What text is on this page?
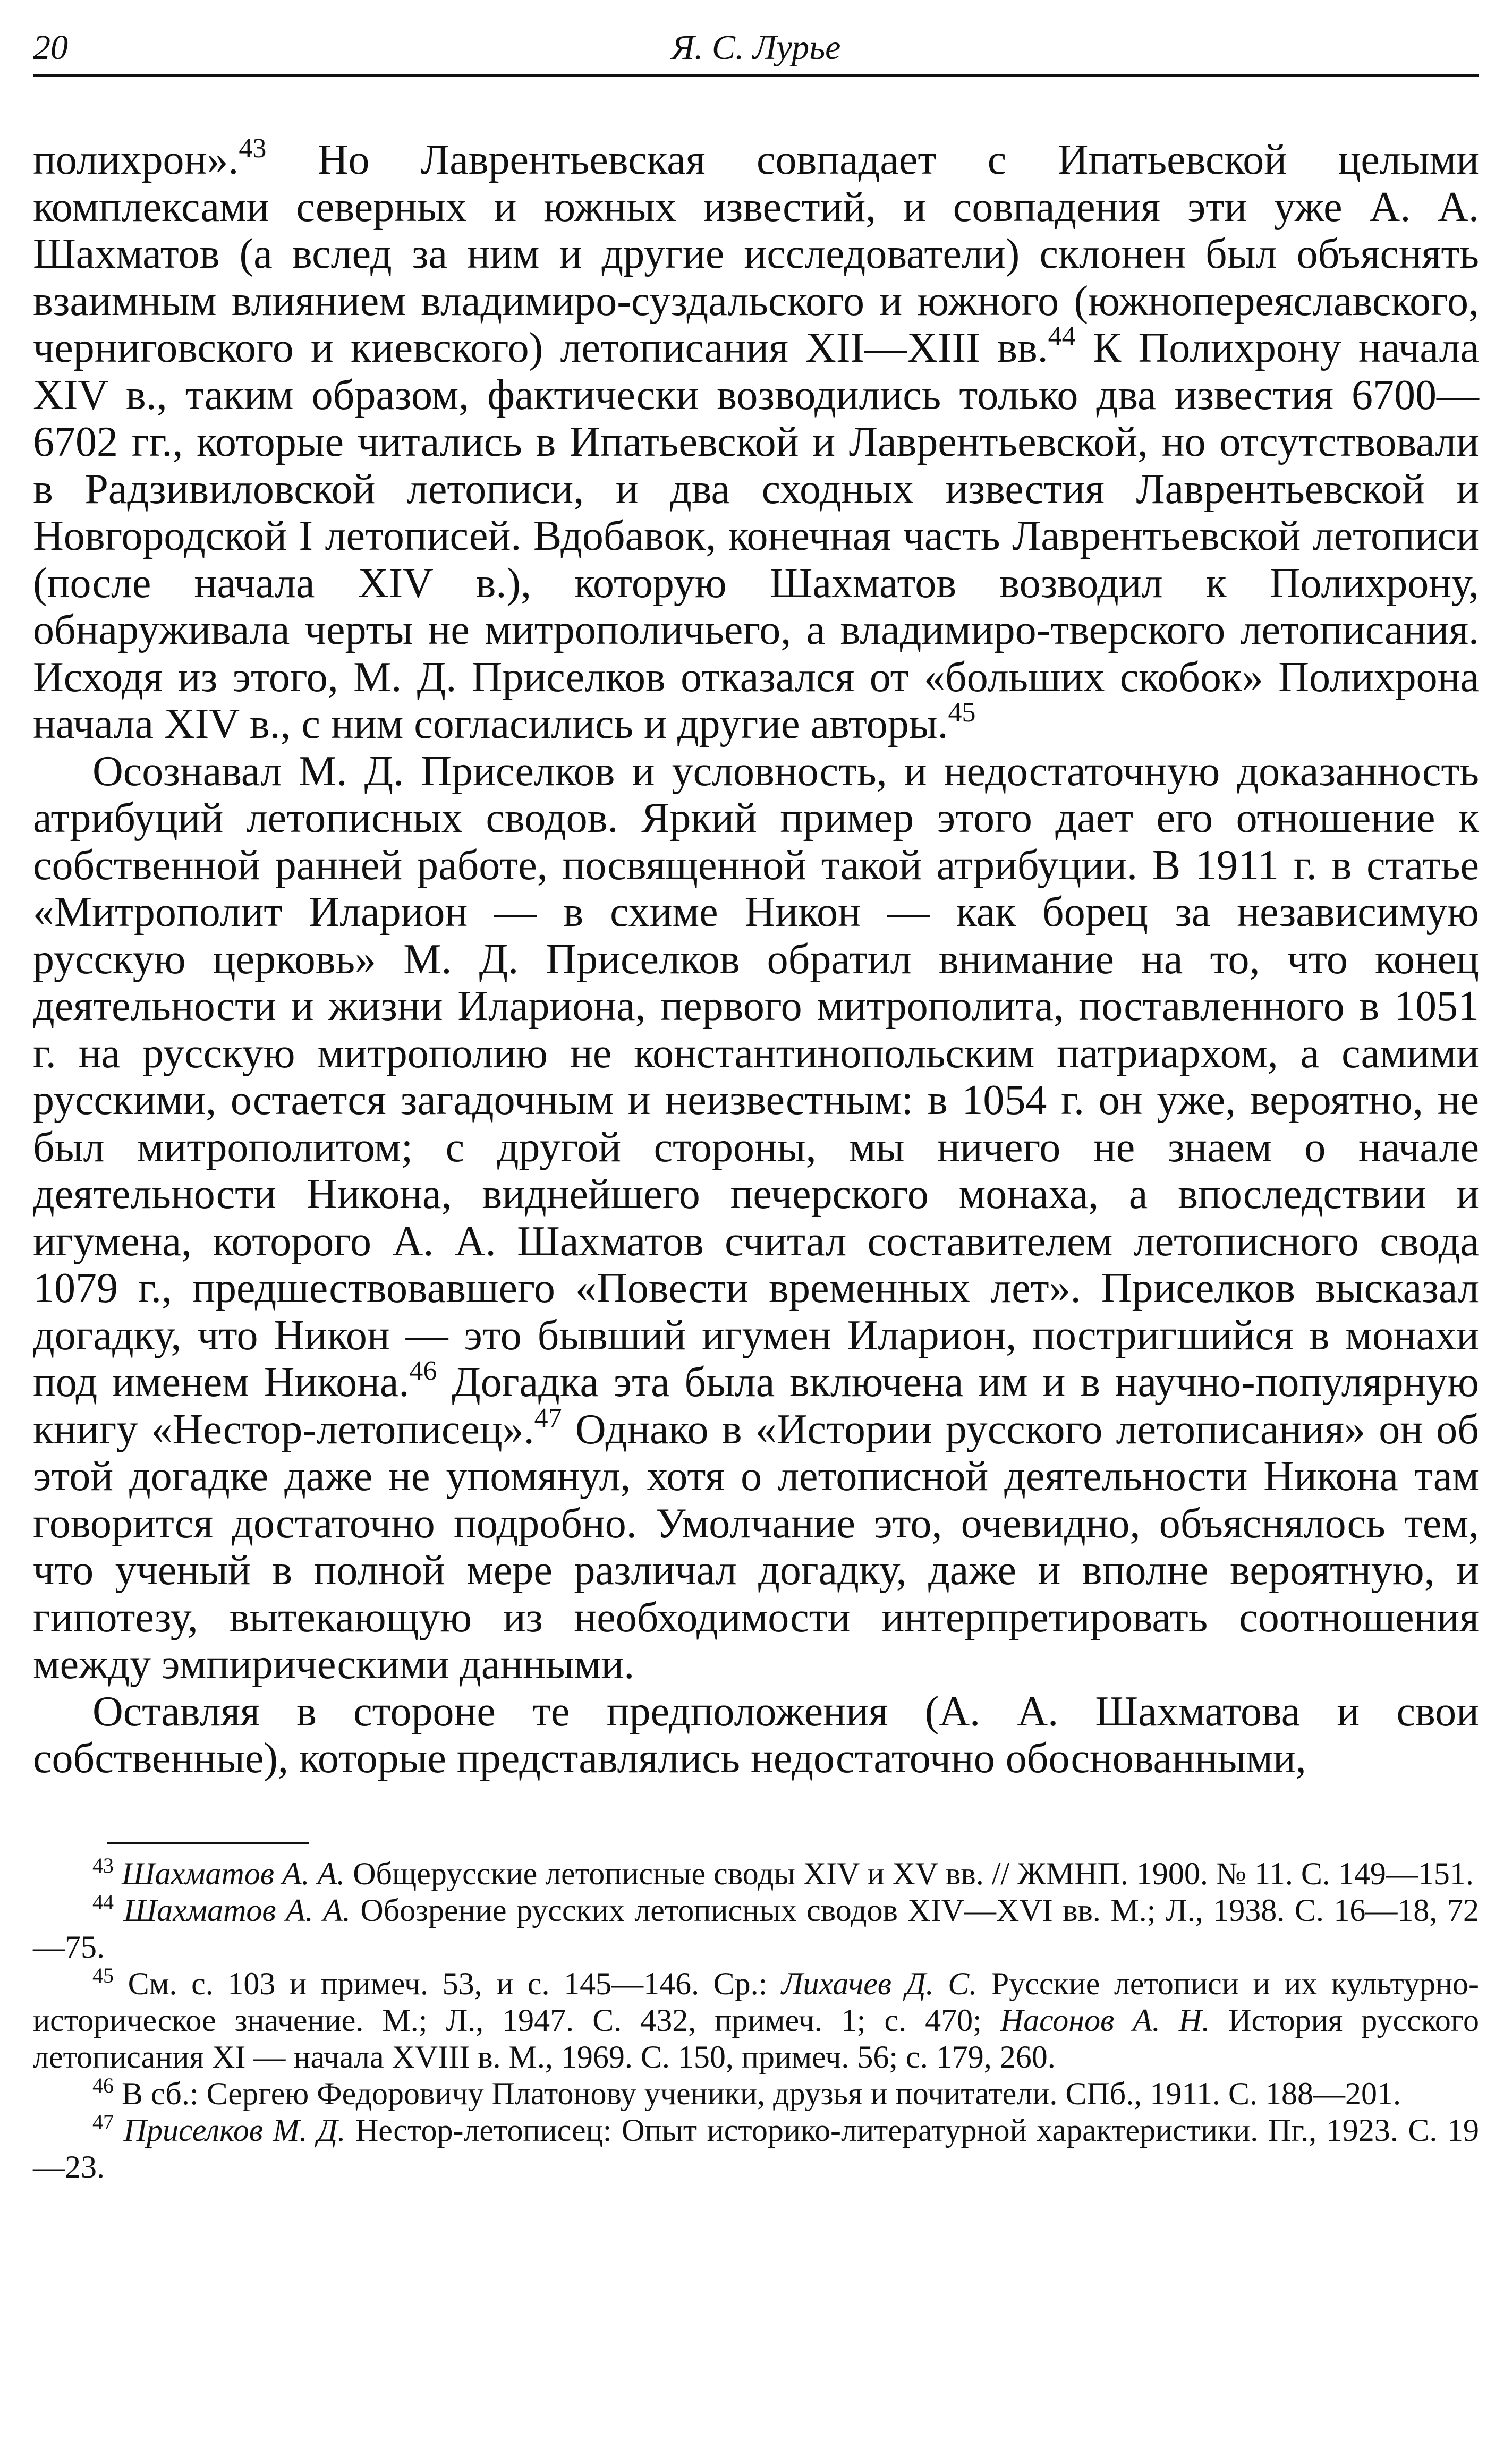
20	Я. С. Лурье

полихрон».$^{43}$ Но Лаврентьевская совпадает с Ипатьевской целыми комплексами северных и южных известий, и совпадения эти уже А. А. Шахматов (а вслед за ним и другие исследователи) склонен был объяснять взаимным влиянием владимиро-суздальского и южного (южнопереяславского, черниговского и киевского) летописания XII—XIII вв.$^{44}$ К Полихрону начала XIV в., таким образом, фактически возводились только два известия 6700—6702 гг., которые читались в Ипатьевской и Лаврентьевской, но отсутствовали в Радзивиловской летописи, и два сходных известия Лаврентьевской и Новгородской I летописей. Вдобавок, конечная часть Лаврентьевской летописи (после начала XIV в.), которую Шахматов возводил к Полихрону, обнаруживала черты не митрополичьего, а владимиро-тверского летописания. Исходя из этого, М. Д. Приселков отказался от «больших скобок» Полихрона начала XIV в., с ним согласились и другие авторы.$^{45}$

Осознавал М. Д. Приселков и условность, и недостаточную доказанность атрибуций летописных сводов. Яркий пример этого дает его отношение к собственной ранней работе, посвященной такой атрибуции. В 1911 г. в статье «Митрополит Иларион — в схиме Никон — как борец за независимую русскую церковь» М. Д. Приселков обратил внимание на то, что конец деятельности и жизни Илариона, первого митрополита, поставленного в 1051 г. на русскую митрополию не константинопольским патриархом, а самими русскими, остается загадочным и неизвестным: в 1054 г. он уже, вероятно, не был митрополитом; с другой стороны, мы ничего не знаем о начале деятельности Никона, виднейшего печерского монаха, а впоследствии и игумена, которого А. А. Шахматов считал составителем летописного свода 1079 г., предшествовавшего «Повести временных лет». Приселков высказал догадку, что Никон — это бывший игумен Иларион, постригшийся в монахи под именем Никона.$^{46}$ Догадка эта была включена им и в научно-популярную книгу «Нестор-летописец».$^{47}$ Однако в «Истории русского летописания» он об этой догадке даже не упомянул, хотя о летописной деятельности Никона там говорится достаточно подробно. Умолчание это, очевидно, объяснялось тем, что ученый в полной мере различал догадку, даже и вполне вероятную, и гипотезу, вытекающую из необходимости интерпретировать соотношения между эмпирическими данными.

Оставляя в стороне те предположения (А. А. Шахматова и свои собственные), которые представлялись недостаточно обоснованными,

$^{43}$ Шахматов А. А. Общерусские летописные своды XIV и XV вв. // ЖМНП. 1900. № 11. С. 149—151.

$^{44}$ Шахматов А. А. Обозрение русских летописных сводов XIV—XVI вв. М.; Л., 1938. С. 16—18, 72—75.

$^{45}$ См. с. 103 и примеч. 53, и с. 145—146. Ср.: Лихачев Д. С. Русские летописи и их культурно-историческое значение. М.; Л., 1947. С. 432, примеч. 1; с. 470; Насонов А. Н. История русского летописания XI — начала XVIII в. М., 1969. С. 150, примеч. 56; с. 179, 260.

$^{46}$ В сб.: Сергею Федоровичу Платонову ученики, друзья и почитатели. СПб., 1911. С. 188—201.

$^{47}$ Приселков М. Д. Нестор-летописец: Опыт историко-литературной характеристики. Пг., 1923. С. 19—23.
